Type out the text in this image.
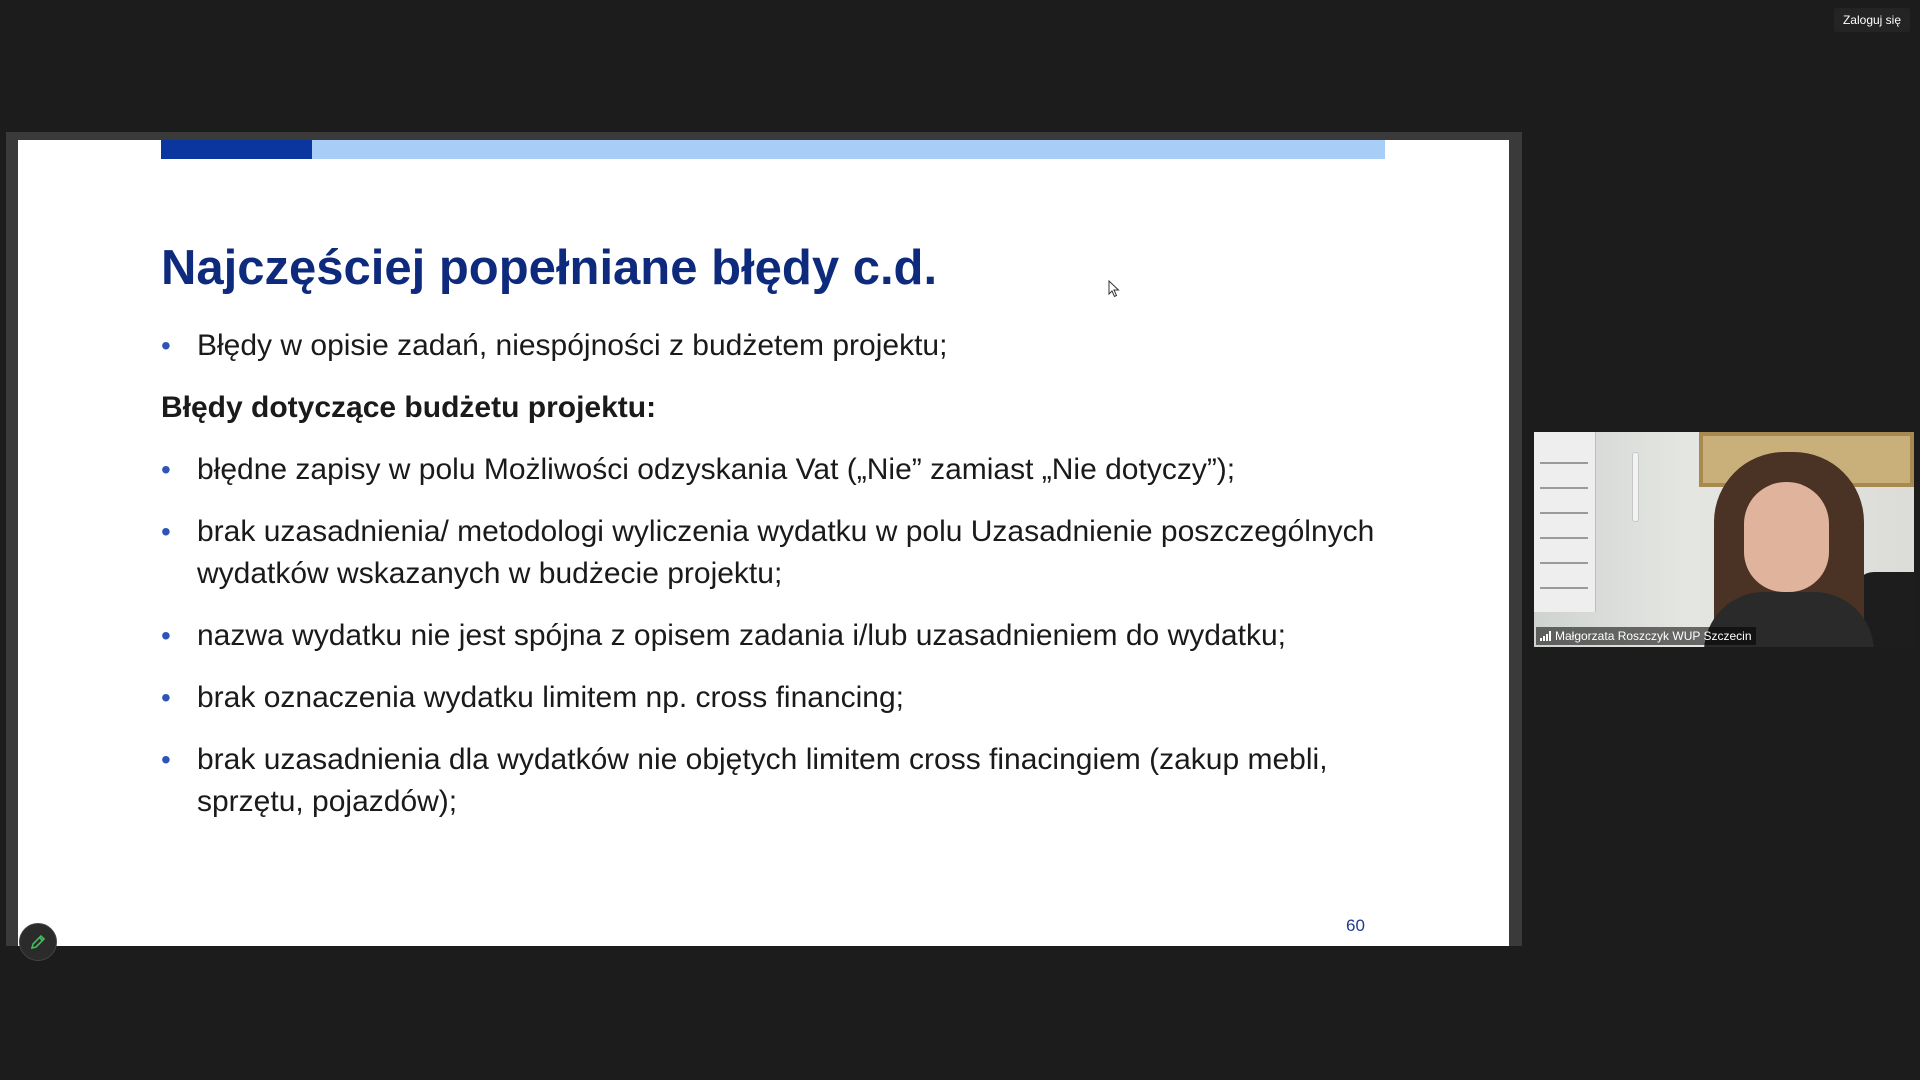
Zaloguj się
Najczęściej popełniane błędy c.d.
• Błędy w opisie zadań, niespójności z budżetem projektu;
Błędy dotyczące budżetu projektu:
• błędne zapisy w polu Możliwości odzyskania Vat („Nie” zamiast „Nie dotyczy”);
• brak uzasadnienia/ metodologi wyliczenia wydatku w polu Uzasadnienie poszczególnych wydatków wskazanych w budżecie projektu;
• nazwa wydatku nie jest spójna z opisem zadania i/lub uzasadnieniem do wydatku;
• brak oznaczenia wydatku limitem np. cross financing;
• brak uzasadnienia dla wydatków nie objętych limitem cross finacingiem (zakup mebli, sprzętu, pojazdów);
60
Małgorzata Roszczyk WUP Szczecin
